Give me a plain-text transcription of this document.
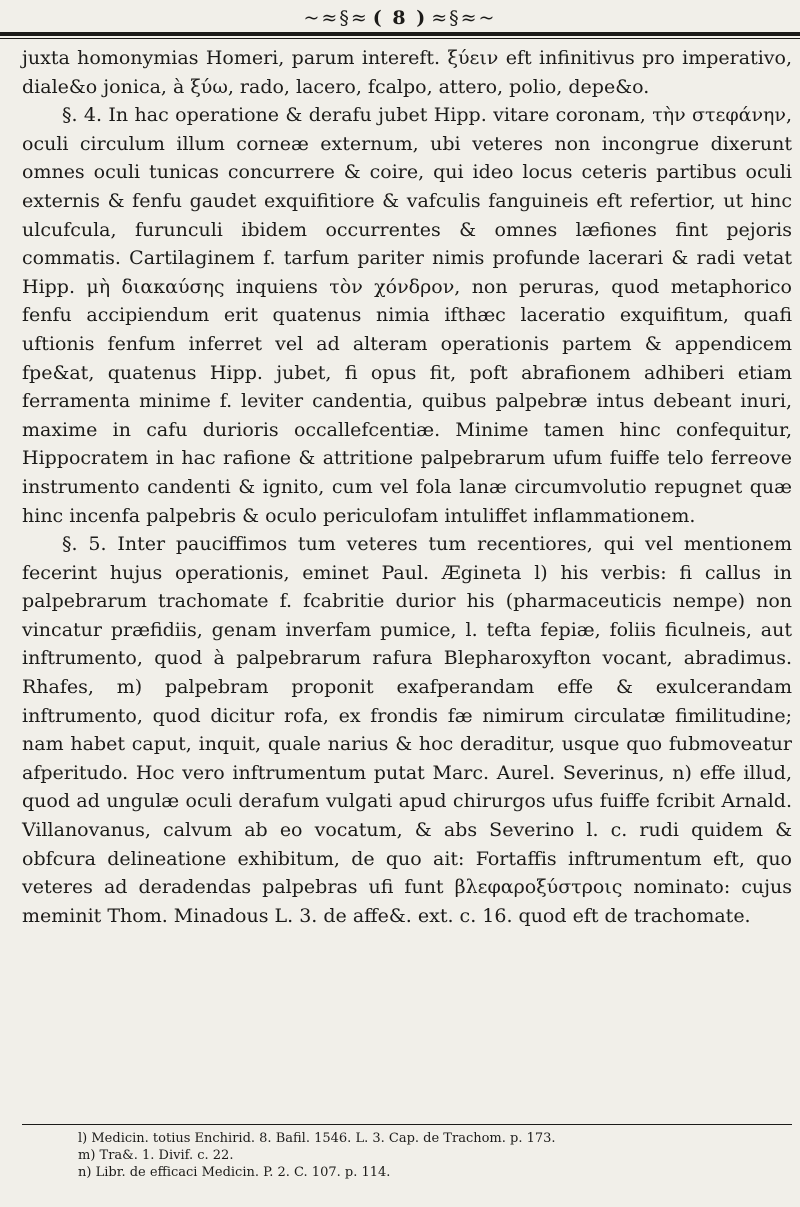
~≈§≈ ( 8 ) ≈§≈~

juxta homonymias Homeri, parum intereft. ξύειν eft infinitivus pro imperativo, diale&o jonica, à ξύω, rado, lacero, fcalpo, attero, polio, depe&o.

§. 4. In hac operatione & derafu jubet Hipp. vitare coronam, τὴν στεφάνην, oculi circulum illum corneæ externum, ubi veteres non incongrue dixerunt omnes oculi tunicas concurrere & coire, qui ideo locus ceteris partibus oculi externis & fenfu gaudet exquifitiore & vafculis fanguineis eft refertior, ut hinc ulcufcula, furunculi ibidem occurrentes & omnes læfiones fint pejoris commatis. Cartilaginem f. tarfum pariter nimis profunde lacerari & radi vetat Hipp. μὴ διακαύσης inquiens τὸν χόνδρον, non peruras, quod metaphorico fenfu accipiendum erit quatenus nimia ifthæc laceratio exquifitum, quafi uftionis fenfum inferret vel ad alteram operationis partem & appendicem fpe&at, quatenus Hipp. jubet, fi opus fit, poft abrafionem adhiberi etiam ferramenta minime f. leviter candentia, quibus palpebræ intus debeant inuri, maxime in cafu durioris occallefcentiæ. Minime tamen hinc confequitur, Hippocratem in hac rafione & attritione palpebrarum ufum fuiffe telo ferreove instrumento candenti & ignito, cum vel fola lanæ circumvolutio repugnet quæ hinc incenfa palpebris & oculo periculofam intuliffet inflammationem.

§. 5. Inter pauciffimos tum veteres tum recentiores, qui vel mentionem fecerint hujus operationis, eminet Paul. Ægineta l) his verbis: fi callus in palpebrarum trachomate f. fcabritie durior his (pharmaceuticis nempe) non vincatur præfidiis, genam inverfam pumice, l. tefta fepiæ, foliis ficulneis, aut inftrumento, quod à palpebrarum rafura Blepharoxyfton vocant, abradimus. Rhafes, m) palpebram proponit exafperandam effe & exulcerandam inftrumento, quod dicitur rofa, ex frondis fæ nimirum circulatæ fimilitudine; nam habet caput, inquit, quale narius & hoc deraditur, usque quo fubmoveatur afperitudo. Hoc vero inftrumentum putat Marc. Aurel. Severinus, n) effe illud, quod ad ungulæ oculi derafum vulgati apud chirurgos ufus fuiffe fcribit Arnald. Villanovanus, calvum ab eo vocatum, & abs Severino l. c. rudi quidem & obfcura delineatione exhibitum, de quo ait: Fortaffis inftrumentum eft, quo veteres ad deradendas palpebras ufi funt βλεφαροξύστροις nominato: cujus meminit Thom. Minadous L. 3. de affe&. ext. c. 16. quod eft de trachomate.

l) Medicin. totius Enchirid. 8. Bafil. 1546. L. 3. Cap. de Trachom. p. 173.
m) Tra&. 1. Divif. c. 22.
n) Libr. de efficaci Medicin. P. 2. C. 107. p. 114.
